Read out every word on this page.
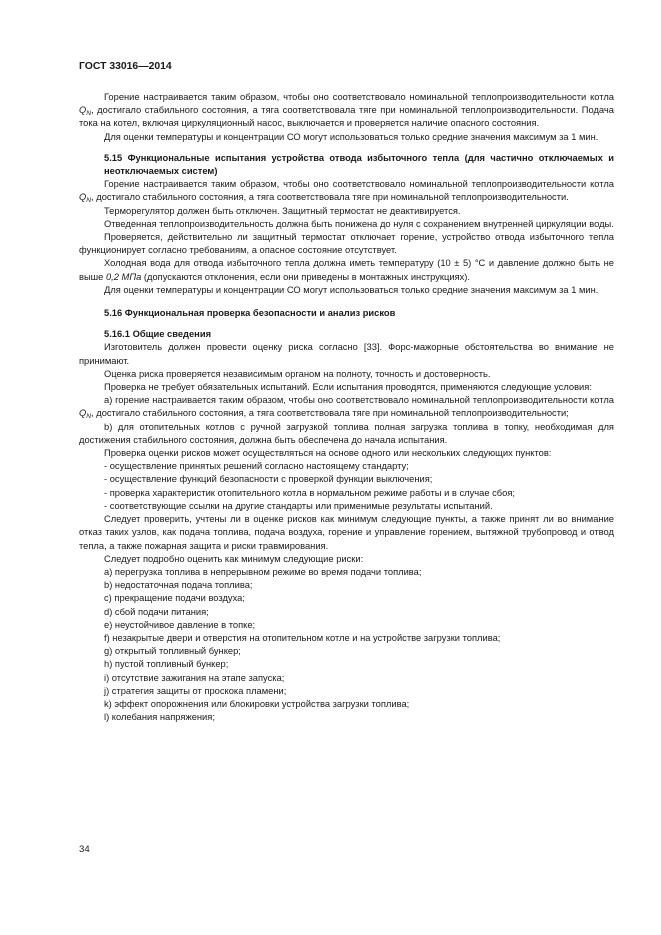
ГОСТ 33016—2014

Горение настраивается таким образом, чтобы оно соответствовало номинальной теплопроизводительности котла $Q_N$, достигало стабильного состояния, а тяга соответствовала тяге при номинальной теплопроизводительности. Подача тока на котел, включая циркуляционный насос, выключается и проверяется наличие опасного состояния.

Для оценки температуры и концентрации СО могут использоваться только средние значения максимум за 1 мин.

5.15 Функциональные испытания устройства отвода избыточного тепла (для частично отключаемых и неотключаемых систем)

Горение настраивается таким образом, чтобы оно соответствовало номинальной теплопроизводительности котла $Q_N$, достигало стабильного состояния, а тяга соответствовала тяге при номинальной теплопроизводительности.

Терморегулятор должен быть отключен. Защитный термостат не деактивируется.

Отведенная теплопроизводительность должна быть понижена до нуля с сохранением внутренней циркуляции воды.

Проверяется, действительно ли защитный термостат отключает горение, устройство отвода избыточного тепла функционирует согласно требованиям, а опасное состояние отсутствует.

Холодная вода для отвода избыточного тепла должна иметь температуру (10 ± 5) °С и давление должно быть не выше 0,2 МПа (допускаются отклонения, если они приведены в монтажных инструкциях).

Для оценки температуры и концентрации СО могут использоваться только средние значения максимум за 1 мин.

5.16 Функциональная проверка безопасности и анализ рисков

5.16.1 Общие сведения

Изготовитель должен провести оценку риска согласно [33]. Форс-мажорные обстоятельства во внимание не принимают.

Оценка риска проверяется независимым органом на полноту, точность и достоверность.

Проверка не требует обязательных испытаний. Если испытания проводятся, применяются следующие условия:

а) горение настраивается таким образом, чтобы оно соответствовало номинальной теплопроизводительности котла $Q_N$, достигало стабильного состояния, а тяга соответствовала тяге при номинальной теплопроизводительности;

b) для отопительных котлов с ручной загрузкой топлива полная загрузка топлива в топку, необходимая для достижения стабильного состояния, должна быть обеспечена до начала испытания.

Проверка оценки рисков может осуществляться на основе одного или нескольких следующих пунктов:

- осуществление принятых решений согласно настоящему стандарту;

- осуществление функций безопасности с проверкой функции выключения;

- проверка характеристик отопительного котла в нормальном режиме работы и в случае сбоя;

- соответствующие ссылки на другие стандарты или применимые результаты испытаний.

Следует проверить, учтены ли в оценке рисков как минимум следующие пункты, а также принят ли во внимание отказ таких узлов, как подача топлива, подача воздуха, горение и управление горением, вытяжной трубопровод и отвод тепла, а также пожарная защита и риски травмирования.

Следует подробно оценить как минимум следующие риски:

а) перегрузка топлива в непрерывном режиме во время подачи топлива;

b) недостаточная подача топлива;

c) прекращение подачи воздуха;

d) сбой подачи питания;

е) неустойчивое давление в топке;

f) незакрытые двери и отверстия на отопительном котле и на устройстве загрузки топлива;

g) открытый топливный бункер;

h) пустой топливный бункер;

i) отсутствие зажигания на этапе запуска;

j) стратегия защиты от проскока пламени;

k) эффект опорожнения или блокировки устройства загрузки топлива;

l) колебания напряжения;

34
